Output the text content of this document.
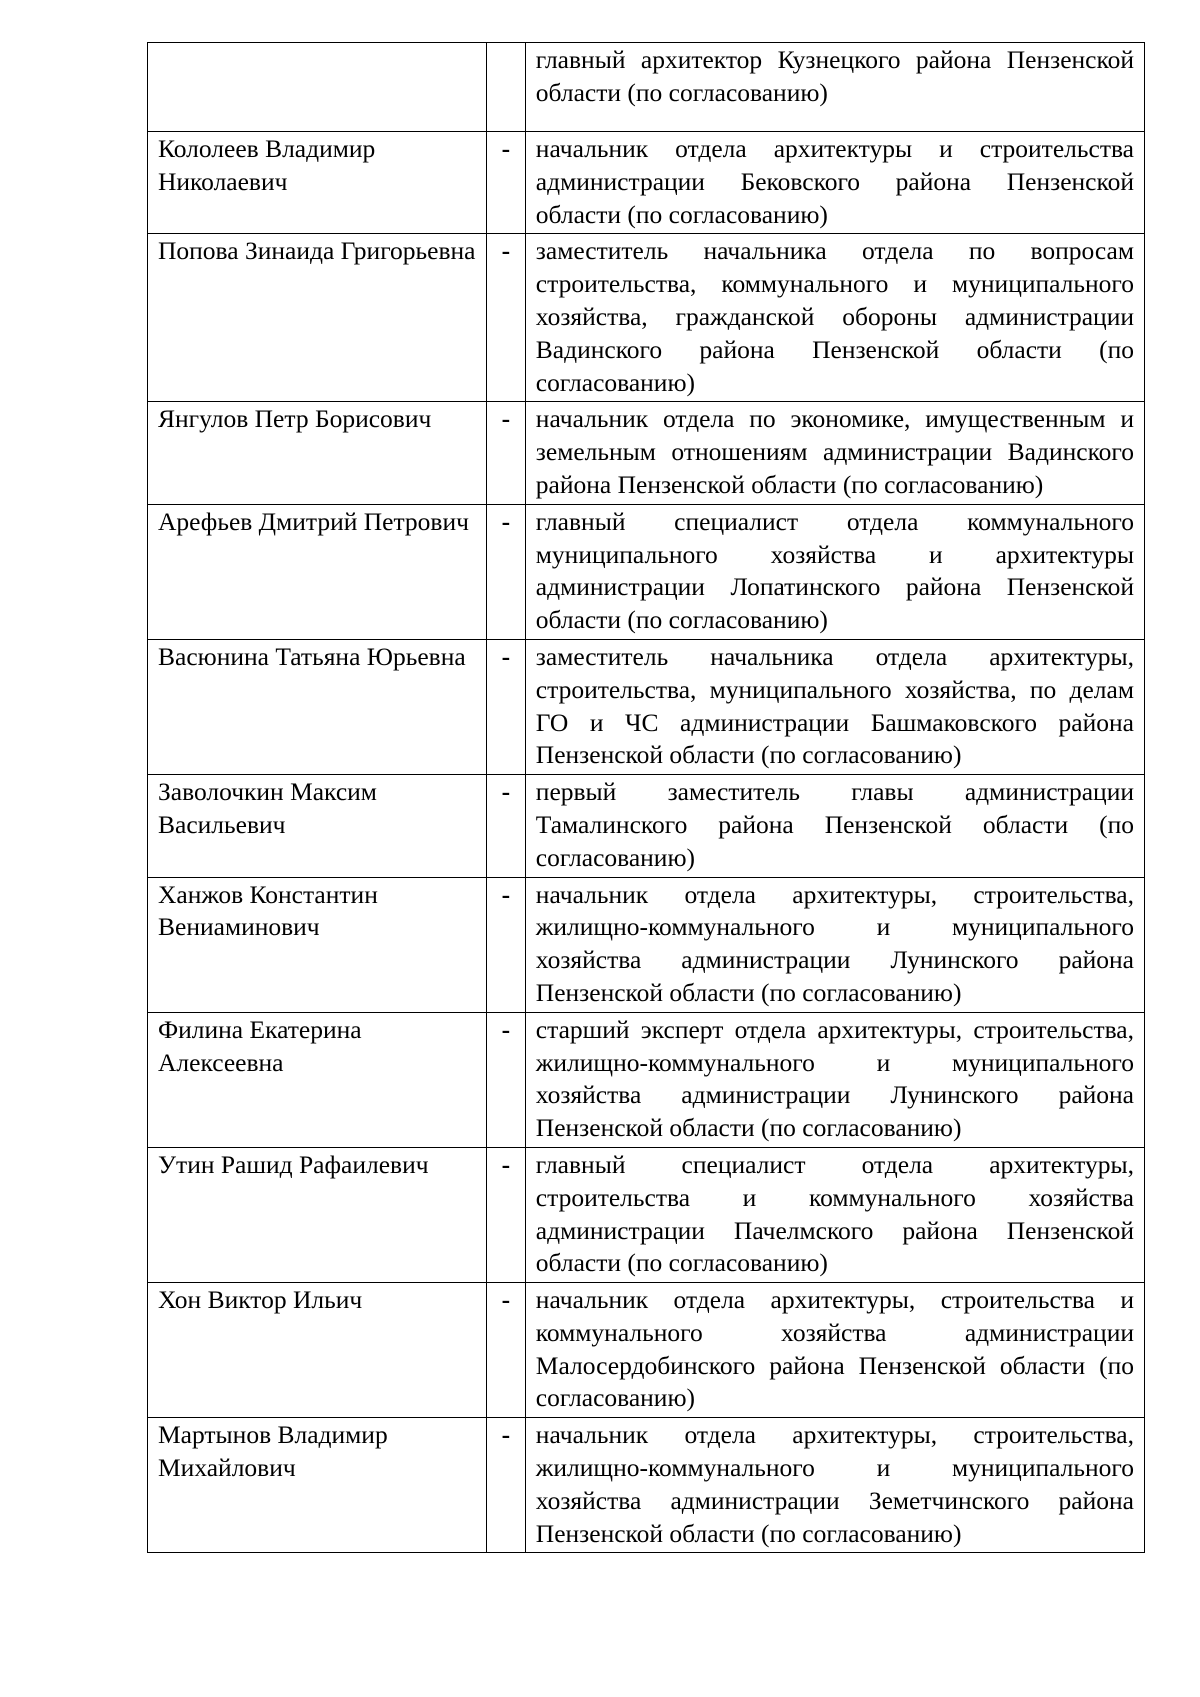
		главный архитектор Кузнецкого района Пензенской области (по согласованию)
Кололеев Владимир Николаевич	-	начальник отдела архитектуры и строительства администрации Бековского района Пензенской области (по согласованию)
Попова Зинаида Григорьевна	-	заместитель начальника отдела по вопросам строительства, коммунального и муниципального хозяйства, гражданской обороны администрации Вадинского района Пензенской области (по согласованию)
Янгулов Петр Борисович	-	начальник отдела по экономике, имущественным и земельным отношениям администрации Вадинского района Пензенской области (по согласованию)
Арефьев Дмитрий Петрович	-	главный специалист отдела коммунального муниципального хозяйства и архитектуры администрации Лопатинского района Пензенской области (по согласованию)
Васюнина Татьяна Юрьевна	-	заместитель начальника отдела архитектуры, строительства, муниципального хозяйства, по делам ГО и ЧС администрации Башмаковского района Пензенской области (по согласованию)
Заволочкин Максим Васильевич	-	первый заместитель главы администрации Тамалинского района Пензенской области (по согласованию)
Ханжов Константин Вениаминович	-	начальник отдела архитектуры, строительства, жилищно-коммунального и муниципального хозяйства администрации Лунинского района Пензенской области (по согласованию)
Филина Екатерина Алексеевна	-	старший эксперт отдела архитектуры, строительства, жилищно-коммунального и муниципального хозяйства администрации Лунинского района Пензенской области (по согласованию)
Утин Рашид Рафаилевич	-	главный специалист отдела архитектуры, строительства и коммунального хозяйства администрации Пачелмского района Пензенской области (по согласованию)
Хон Виктор Ильич	-	начальник отдела архитектуры, строительства и коммунального хозяйства администрации Малосердобинского района Пензенской области (по согласованию)
Мартынов Владимир Михайлович	-	начальник отдела архитектуры, строительства, жилищно-коммунального и муниципального хозяйства администрации Земетчинского района Пензенской области (по согласованию)
